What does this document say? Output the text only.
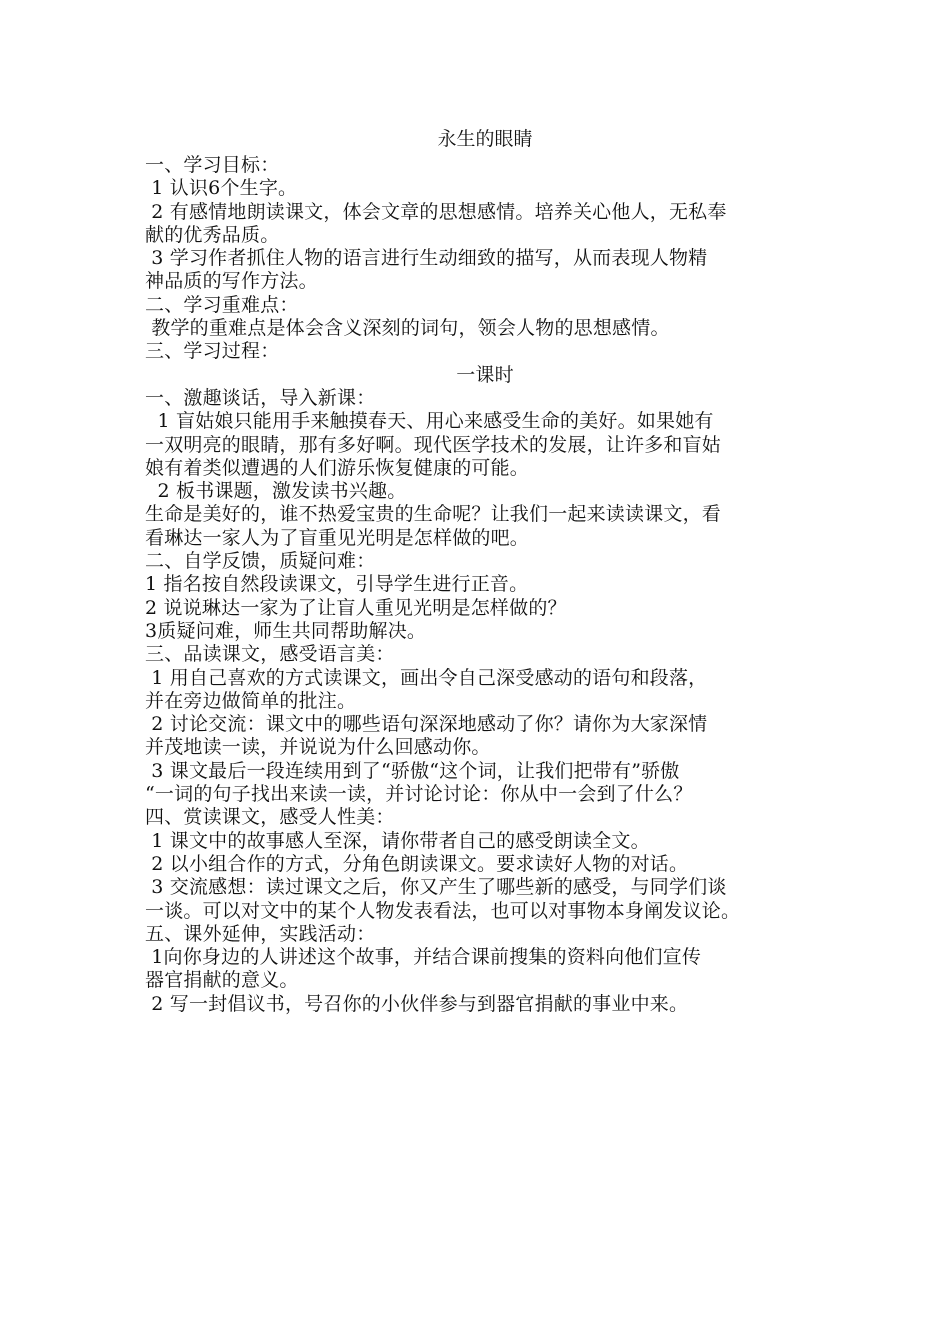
永生的眼睛
一、学习目标：
1 认识6个生字。
2 有感情地朗读课文，体会文章的思想感情。培养关心他人，无私奉
献的优秀品质。
3 学习作者抓住人物的语言进行生动细致的描写，从而表现人物精
神品质的写作方法。
二、学习重难点：
教学的重难点是体会含义深刻的词句，领会人物的思想感情。
三、学习过程：
一课时
一、激趣谈话，导入新课：
1 盲姑娘只能用手来触摸春天、用心来感受生命的美好。如果她有
一双明亮的眼睛，那有多好啊。现代医学技术的发展，让许多和盲姑
娘有着类似遭遇的人们游乐恢复健康的可能。
2 板书课题，激发读书兴趣。
生命是美好的，谁不热爱宝贵的生命呢？让我们一起来读读课文，看
看琳达一家人为了盲重见光明是怎样做的吧。
二、自学反馈，质疑问难：
1 指名按自然段读课文，引导学生进行正音。
2 说说琳达一家为了让盲人重见光明是怎样做的？
3质疑问难，师生共同帮助解决。
三、品读课文，感受语言美：
1 用自己喜欢的方式读课文，画出令自己深受感动的语句和段落，
并在旁边做简单的批注。
2 讨论交流：课文中的哪些语句深深地感动了你？请你为大家深情
并茂地读一读，并说说为什么回感动你。
3 课文最后一段连续用到了“骄傲“这个词，让我们把带有”骄傲
“一词的句子找出来读一读，并讨论讨论：你从中一会到了什么？
四、赏读课文，感受人性美：
1 课文中的故事感人至深，请你带者自己的感受朗读全文。
2 以小组合作的方式，分角色朗读课文。要求读好人物的对话。
3 交流感想：读过课文之后，你又产生了哪些新的感受，与同学们谈
一谈。可以对文中的某个人物发表看法，也可以对事物本身阐发议论。
五、课外延伸，实践活动：
1向你身边的人讲述这个故事，并结合课前搜集的资料向他们宣传
器官捐献的意义。
2 写一封倡议书，号召你的小伙伴参与到器官捐献的事业中来。
